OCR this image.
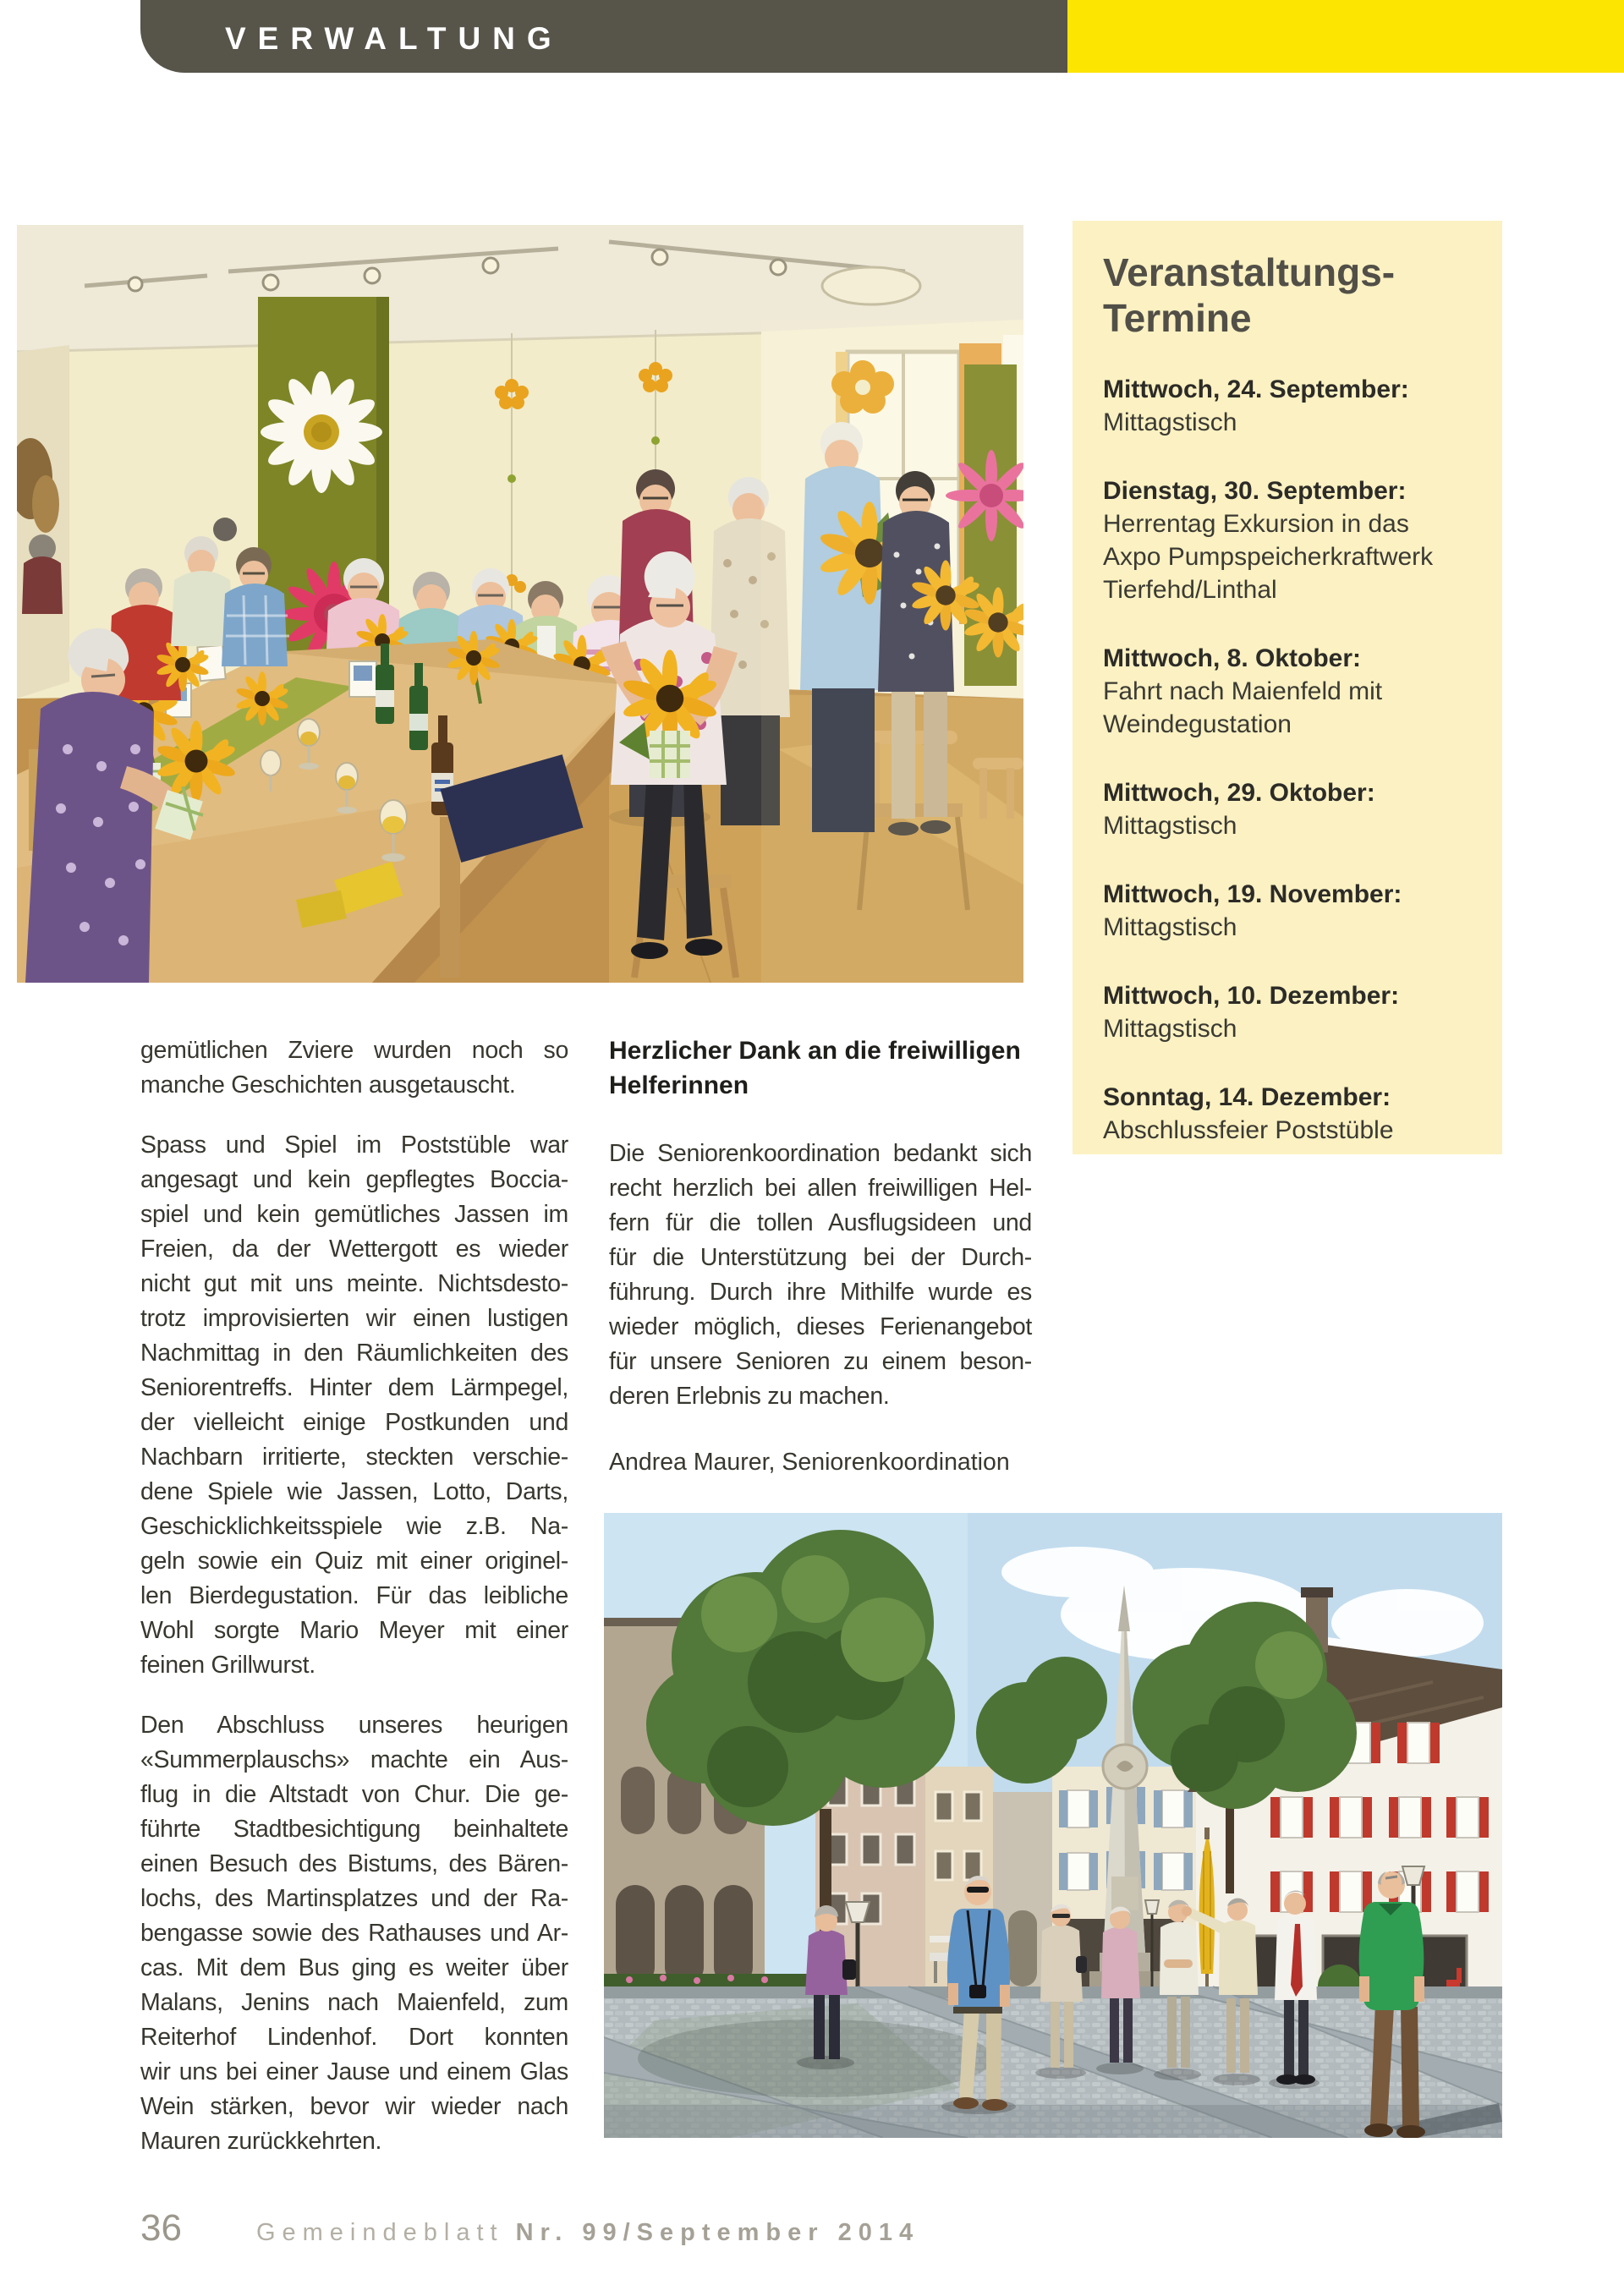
VERWALTUNG
Veranstaltungs-
Termine
Mittwoch, 24. September:
Mittagstisch
Dienstag, 30. September:
Herrentag Exkursion in das
Axpo Pumpspeicherkraftwerk
Tierfehd/Linthal
Mittwoch, 8. Oktober:
Fahrt nach Maienfeld mit
Weindegustation
Mittwoch, 29. Oktober:
Mittagstisch
Mittwoch, 19. November:
Mittagstisch
Mittwoch, 10. Dezember:
Mittagstisch
Sonntag, 14. Dezember:
Abschlussfeier Poststüble
gemütlichen Zviere wurden noch so
manche Geschichten ausgetauscht.
Spass und Spiel im Poststüble war
angesagt und kein gepflegtes Boccia-
spiel und kein gemütliches Jassen im
Freien, da der Wettergott es wieder
nicht gut mit uns meinte. Nichtsdesto-
trotz improvisierten wir einen lustigen
Nachmittag in den Räumlichkeiten des
Seniorentreffs. Hinter dem Lärmpegel,
der vielleicht einige Postkunden und
Nachbarn irritierte, steckten verschie-
dene Spiele wie Jassen, Lotto, Darts,
Geschicklichkeitsspiele wie z.B. Na-
geln sowie ein Quiz mit einer originel-
len Bierdegustation. Für das leibliche
Wohl sorgte Mario Meyer mit einer
feinen Grillwurst.
Den Abschluss unseres heurigen
«Summerplauschs» machte ein Aus-
flug in die Altstadt von Chur. Die ge-
führte Stadtbesichtigung beinhaltete
einen Besuch des Bistums, des Bären-
lochs, des Martinsplatzes und der Ra-
bengasse sowie des Rathauses und Ar-
cas. Mit dem Bus ging es weiter über
Malans, Jenins nach Maienfeld, zum
Reiterhof Lindenhof. Dort konnten
wir uns bei einer Jause und einem Glas
Wein stärken, bevor wir wieder nach
Mauren zurückkehrten.
Herzlicher Dank an die freiwilligen
Helferinnen
Die Seniorenkoordination bedankt sich
recht herzlich bei allen freiwilligen Hel-
fern für die tollen Ausflugsideen und
für die Unterstützung bei der Durch-
führung. Durch ihre Mithilfe wurde es
wieder möglich, dieses Ferienangebot
für unsere Senioren zu einem beson-
deren Erlebnis zu machen.
Andrea Maurer, Seniorenkoordination
36	Gemeindeblatt Nr. 99/September 2014
